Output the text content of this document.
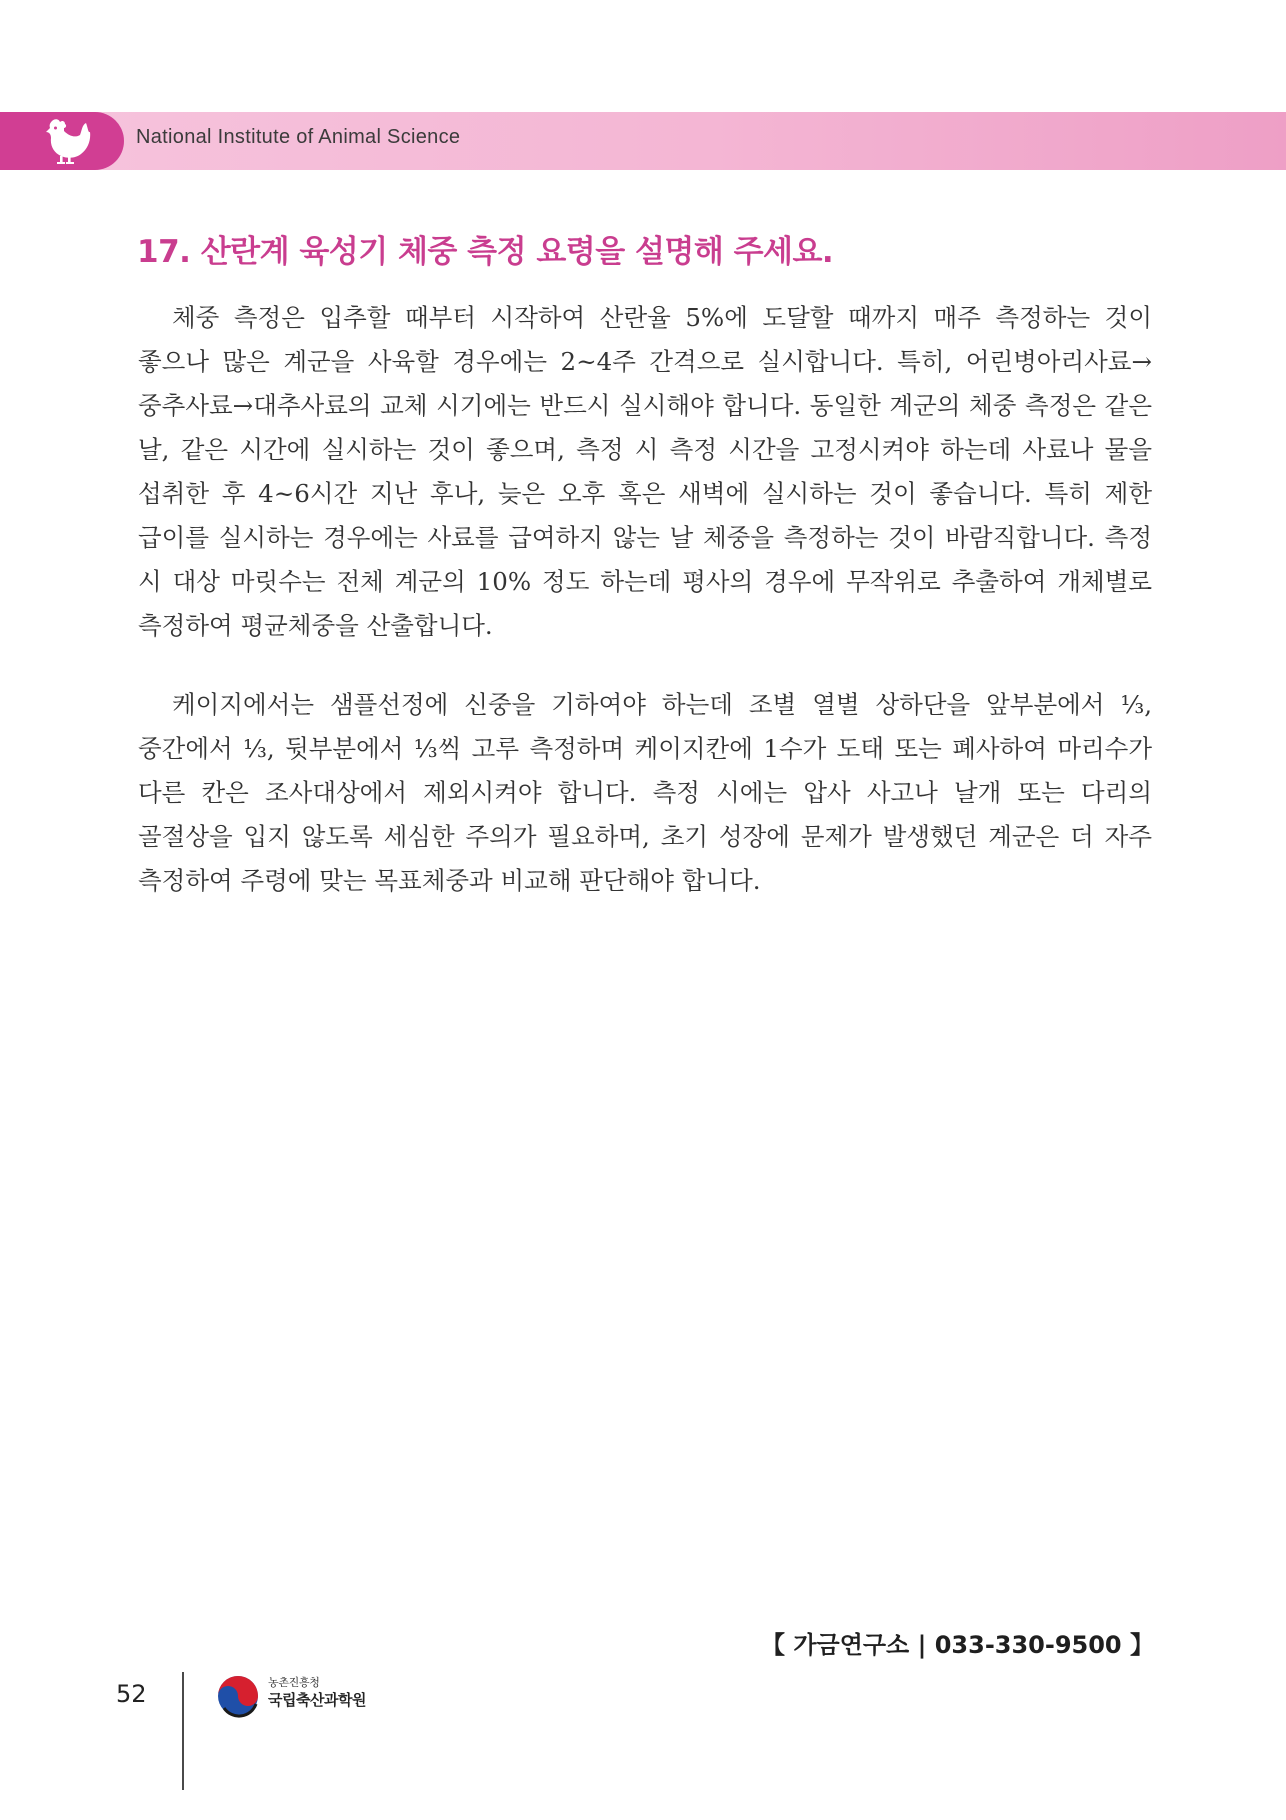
National Institute of Animal Science
17. 산란계 육성기 체중 측정 요령을 설명해 주세요.

체중 측정은 입추할 때부터 시작하여 산란율 5%에 도달할 때까지 매주 측정하는 것이 좋으나 많은 계군을 사육할 경우에는 2~4주 간격으로 실시합니다. 특히, 어린병아리사료→중추사료→대추사료의 교체 시기에는 반드시 실시해야 합니다. 동일한 계군의 체중 측정은 같은 날, 같은 시간에 실시하는 것이 좋으며, 측정 시 측정 시간을 고정시켜야 하는데 사료나 물을 섭취한 후 4~6시간 지난 후나, 늦은 오후 혹은 새벽에 실시하는 것이 좋습니다. 특히 제한 급이를 실시하는 경우에는 사료를 급여하지 않는 날 체중을 측정하는 것이 바람직합니다. 측정 시 대상 마릿수는 전체 계군의 10% 정도 하는데 평사의 경우에 무작위로 추출하여 개체별로 측정하여 평균체중을 산출합니다.

케이지에서는 샘플선정에 신중을 기하여야 하는데 조별 열별 상하단을 앞부분에서 ⅓, 중간에서 ⅓, 뒷부분에서 ⅓씩 고루 측정하며 케이지칸에 1수가 도태 또는 폐사하여 마리수가 다른 칸은 조사대상에서 제외시켜야 합니다. 측정 시에는 압사 사고나 날개 또는 다리의 골절상을 입지 않도록 세심한 주의가 필요하며, 초기 성장에 문제가 발생했던 계군은 더 자주 측정하여 주령에 맞는 목표체중과 비교해 판단해야 합니다.

【 가금연구소 | 033-330-9500 】
52	농촌진흥청
국립축산과학원
